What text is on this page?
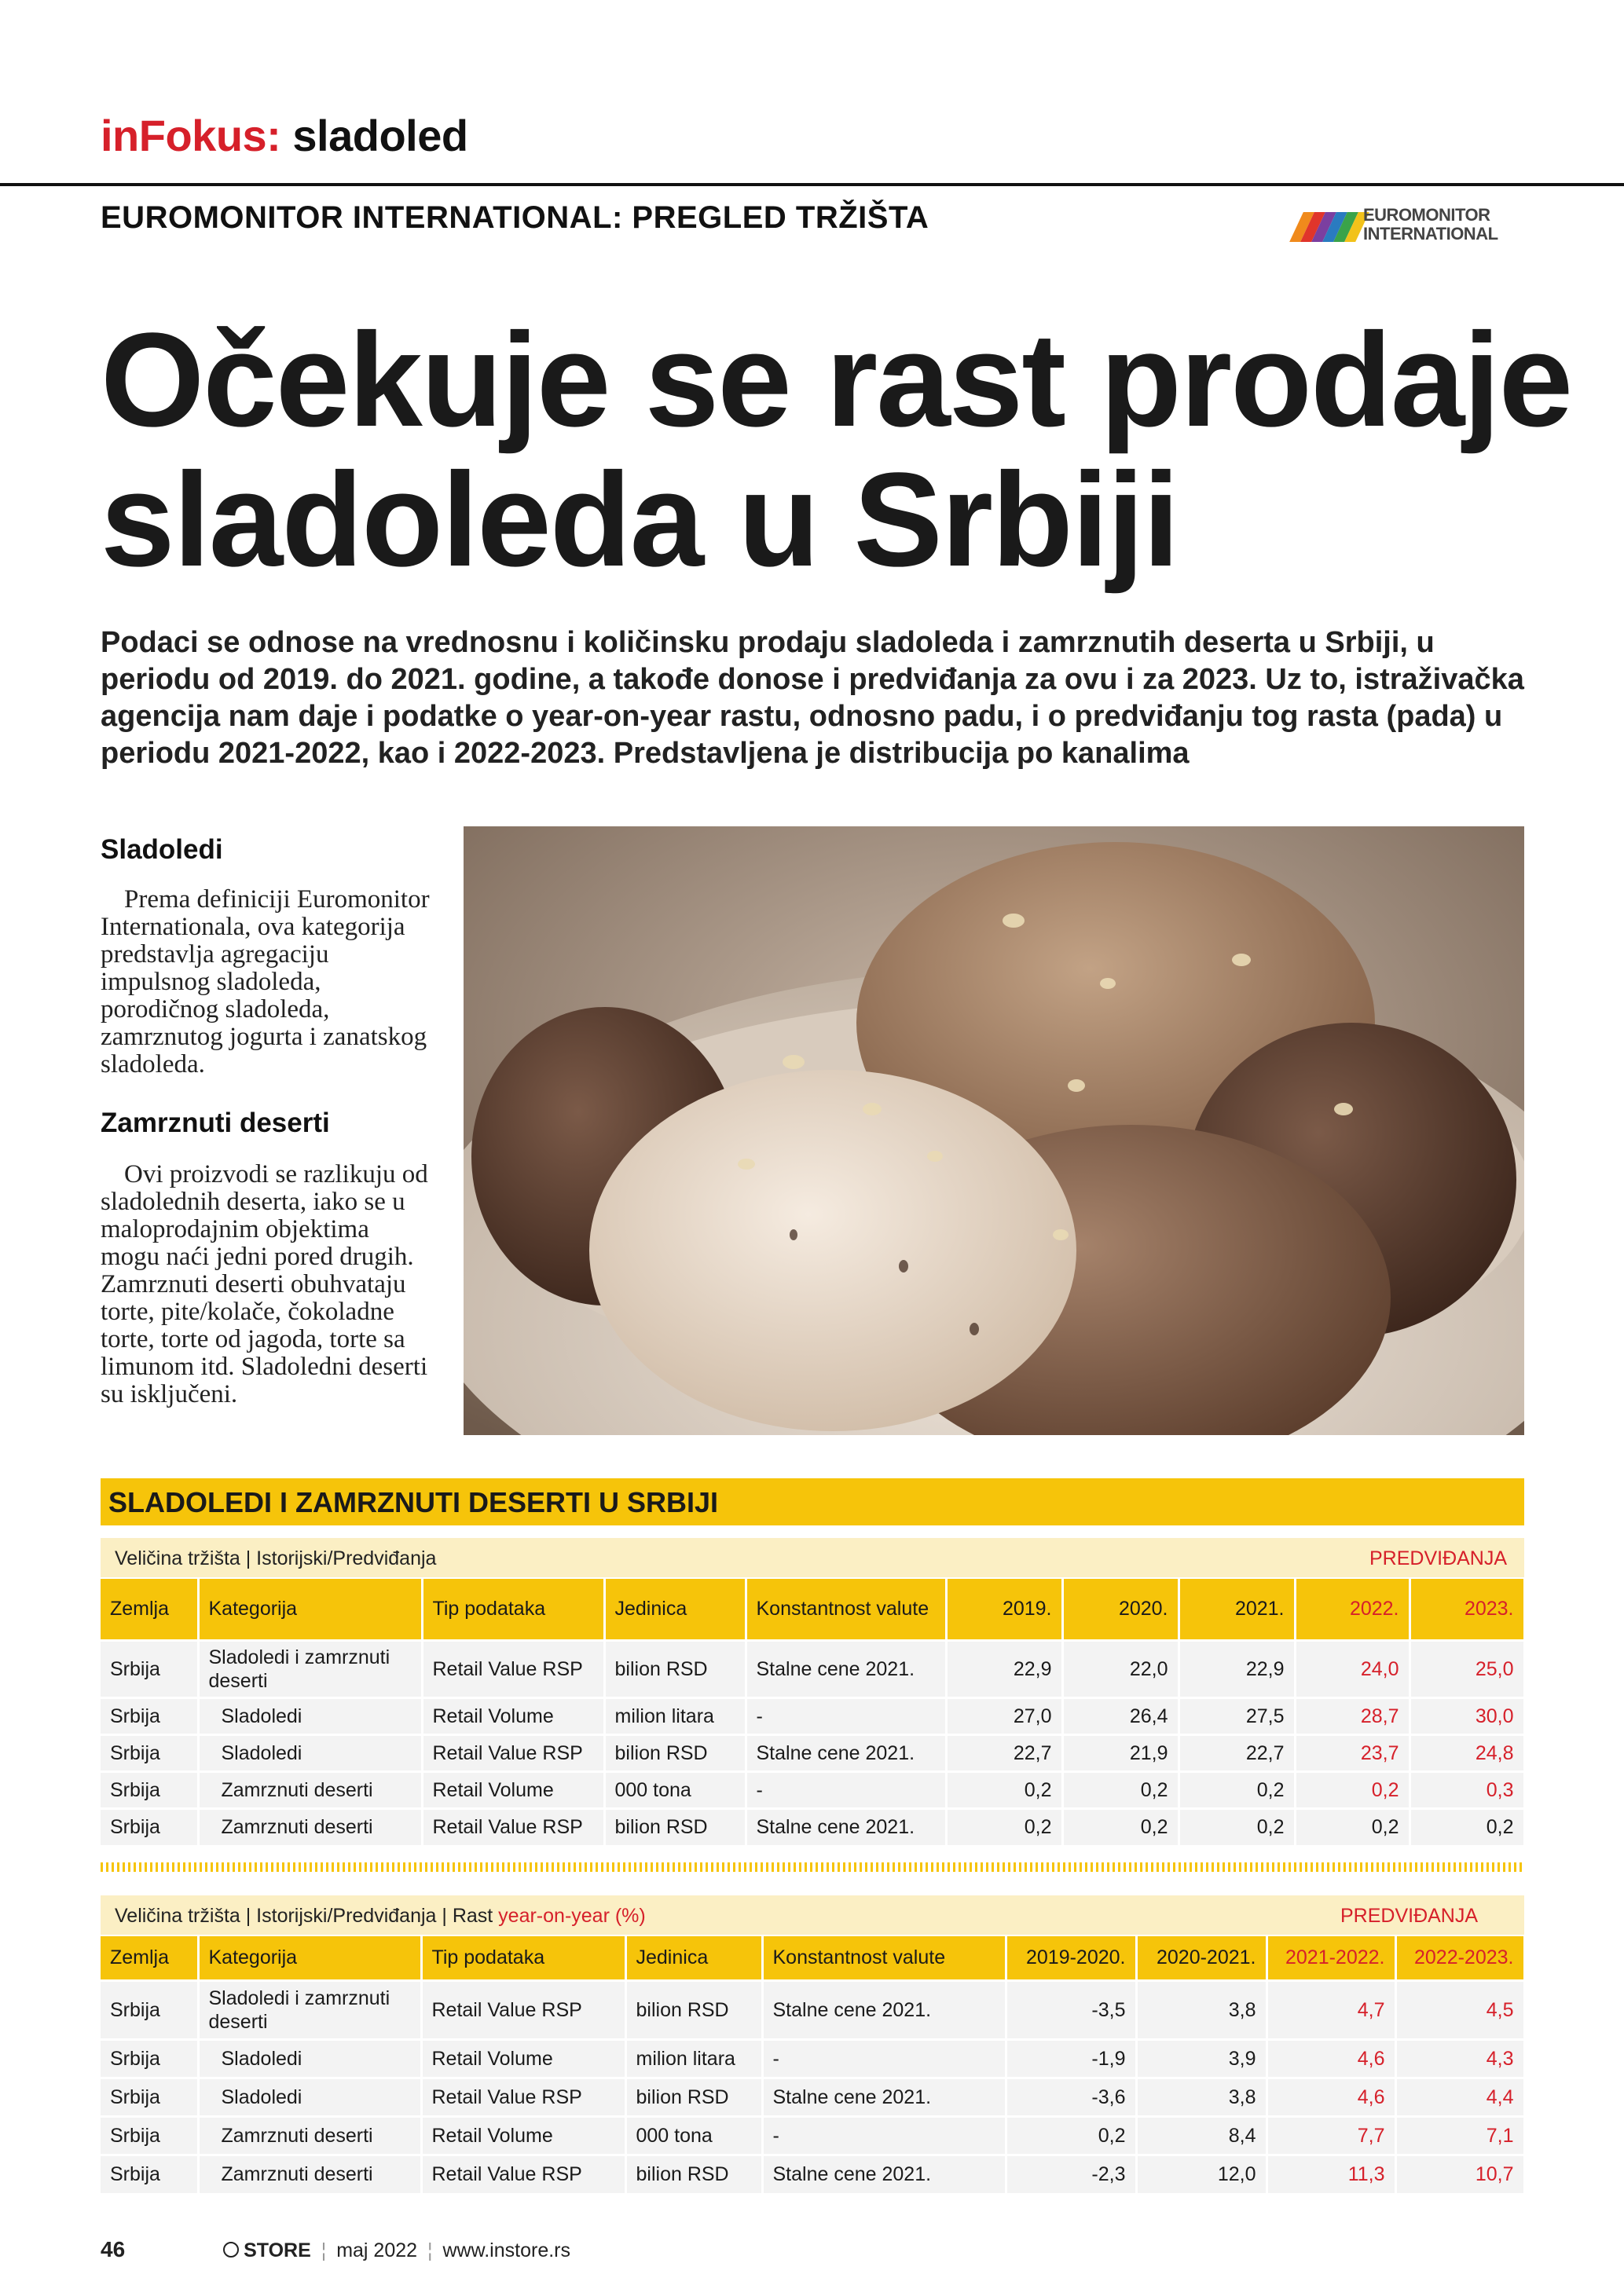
inFokus: sladoled
EUROMONITOR INTERNATIONAL: PREGLED TRŽIŠTA	EUROMONITOR
INTERNATIONAL
Očekuje se rast prodaje
sladoleda u Srbiji
Podaci se odnose na vrednosnu i količinsku prodaju sladoleda i zamrznutih deserta u Srbiji, u periodu od 2019. do 2021. godine, a takođe donose i predviđanja za ovu i za 2023. Uz to, istraživačka agencija nam daje i podatke o year-on-year rastu, odnosno padu, i o predviđanju tog rasta (pada) u periodu 2021-2022, kao i 2022-2023. Predstavljena je distribucija po kanalima
Sladoledi
Prema definiciji Euromonitor Internationala, ova kategorija predstavlja agregaciju impulsnog sladoleda, porodičnog sladoleda, zamrznutog jogurta i zanatskog sladoleda.
Zamrznuti deserti
Ovi proizvodi se razlikuju od sladolednih deserta, iako se u maloprodajnim objektima mogu naći jedni pored drugih. Zamrznuti deserti obuhvataju torte, pite/kolače, čokoladne torte, torte od jagoda, torte sa limunom itd. Sladoledni deserti su isključeni.
SLADOLEDI I ZAMRZNUTI DESERTI U SRBIJI
Veličina tržišta | Istorijski/Predviđanja	PREDVIĐANJA
Zemlja	Kategorija	Tip podataka	Jedinica	Konstantnost valute	2019.	2020.	2021.	2022.	2023.
Srbija	Sladoledi i zamrznuti deserti	Retail Value RSP	bilion RSD	Stalne cene 2021.	22,9	22,0	22,9	24,0	25,0
Srbija	Sladoledi	Retail Volume	milion litara	-	27,0	26,4	27,5	28,7	30,0
Srbija	Sladoledi	Retail Value RSP	bilion RSD	Stalne cene 2021.	22,7	21,9	22,7	23,7	24,8
Srbija	Zamrznuti deserti	Retail Volume	000 tona	-	0,2	0,2	0,2	0,2	0,3
Srbija	Zamrznuti deserti	Retail Value RSP	bilion RSD	Stalne cene 2021.	0,2	0,2	0,2	0,2	0,2
Veličina tržišta | Istorijski/Predviđanja | Rast year-on-year (%)	PREDVIĐANJA
Zemlja	Kategorija	Tip podataka	Jedinica	Konstantnost valute	2019-2020.	2020-2021.	2021-2022.	2022-2023.
Srbija	Sladoledi i zamrznuti deserti	Retail Value RSP	bilion RSD	Stalne cene 2021.	-3,5	3,8	4,7	4,5
Srbija	Sladoledi	Retail Volume	milion litara	-	-1,9	3,9	4,6	4,3
Srbija	Sladoledi	Retail Value RSP	bilion RSD	Stalne cene 2021.	-3,6	3,8	4,6	4,4
Srbija	Zamrznuti deserti	Retail Volume	000 tona	-	0,2	8,4	7,7	7,1
Srbija	Zamrznuti deserti	Retail Value RSP	bilion RSD	Stalne cene 2021.	-2,3	12,0	11,3	10,7
46	STORE ¦ maj 2022 ¦ www.instore.rs
